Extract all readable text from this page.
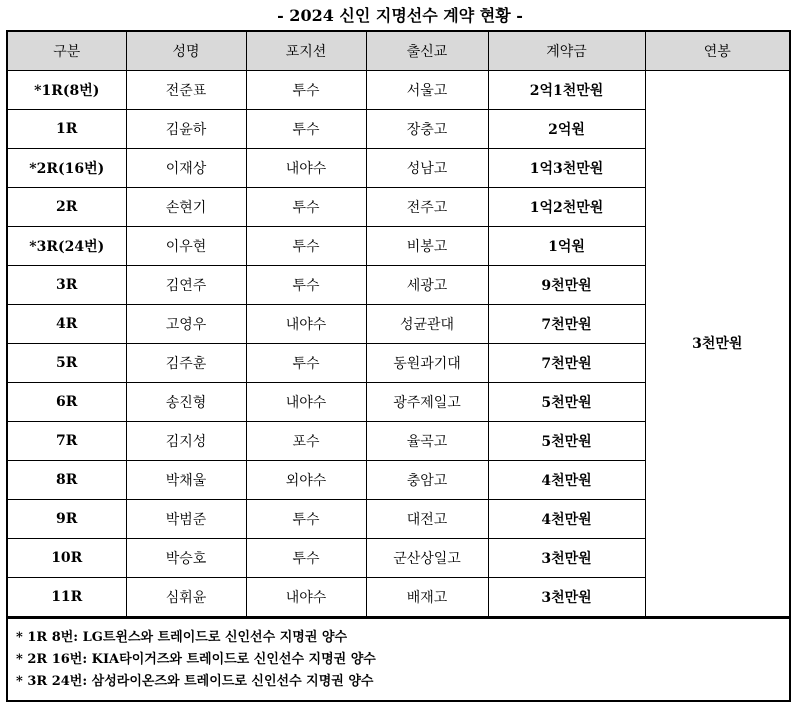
- 2024 신인 지명선수 계약 현황 -
구분	성명	포지션	출신교	계약금	연봉
*1R(8번)	전준표	투수	서울고	2억1천만원	3천만원
1R	김윤하	투수	장충고	2억원	
*2R(16번)	이재상	내야수	성남고	1억3천만원	
2R	손현기	투수	전주고	1억2천만원	
*3R(24번)	이우현	투수	비봉고	1억원	
3R	김연주	투수	세광고	9천만원	
4R	고영우	내야수	성균관대	7천만원	
5R	김주훈	투수	동원과기대	7천만원	
6R	송진형	내야수	광주제일고	5천만원	
7R	김지성	포수	율곡고	5천만원	
8R	박채울	외야수	충암고	4천만원	
9R	박범준	투수	대전고	4천만원	
10R	박승호	투수	군산상일고	3천만원	
11R	심휘윤	내야수	배재고	3천만원	
* 1R 8번: LG트윈스와 트레이드로 신인선수 지명권 양수
* 2R 16번: KIA타이거즈와 트레이드로 신인선수 지명권 양수
* 3R 24번: 삼성라이온즈와 트레이드로 신인선수 지명권 양수
